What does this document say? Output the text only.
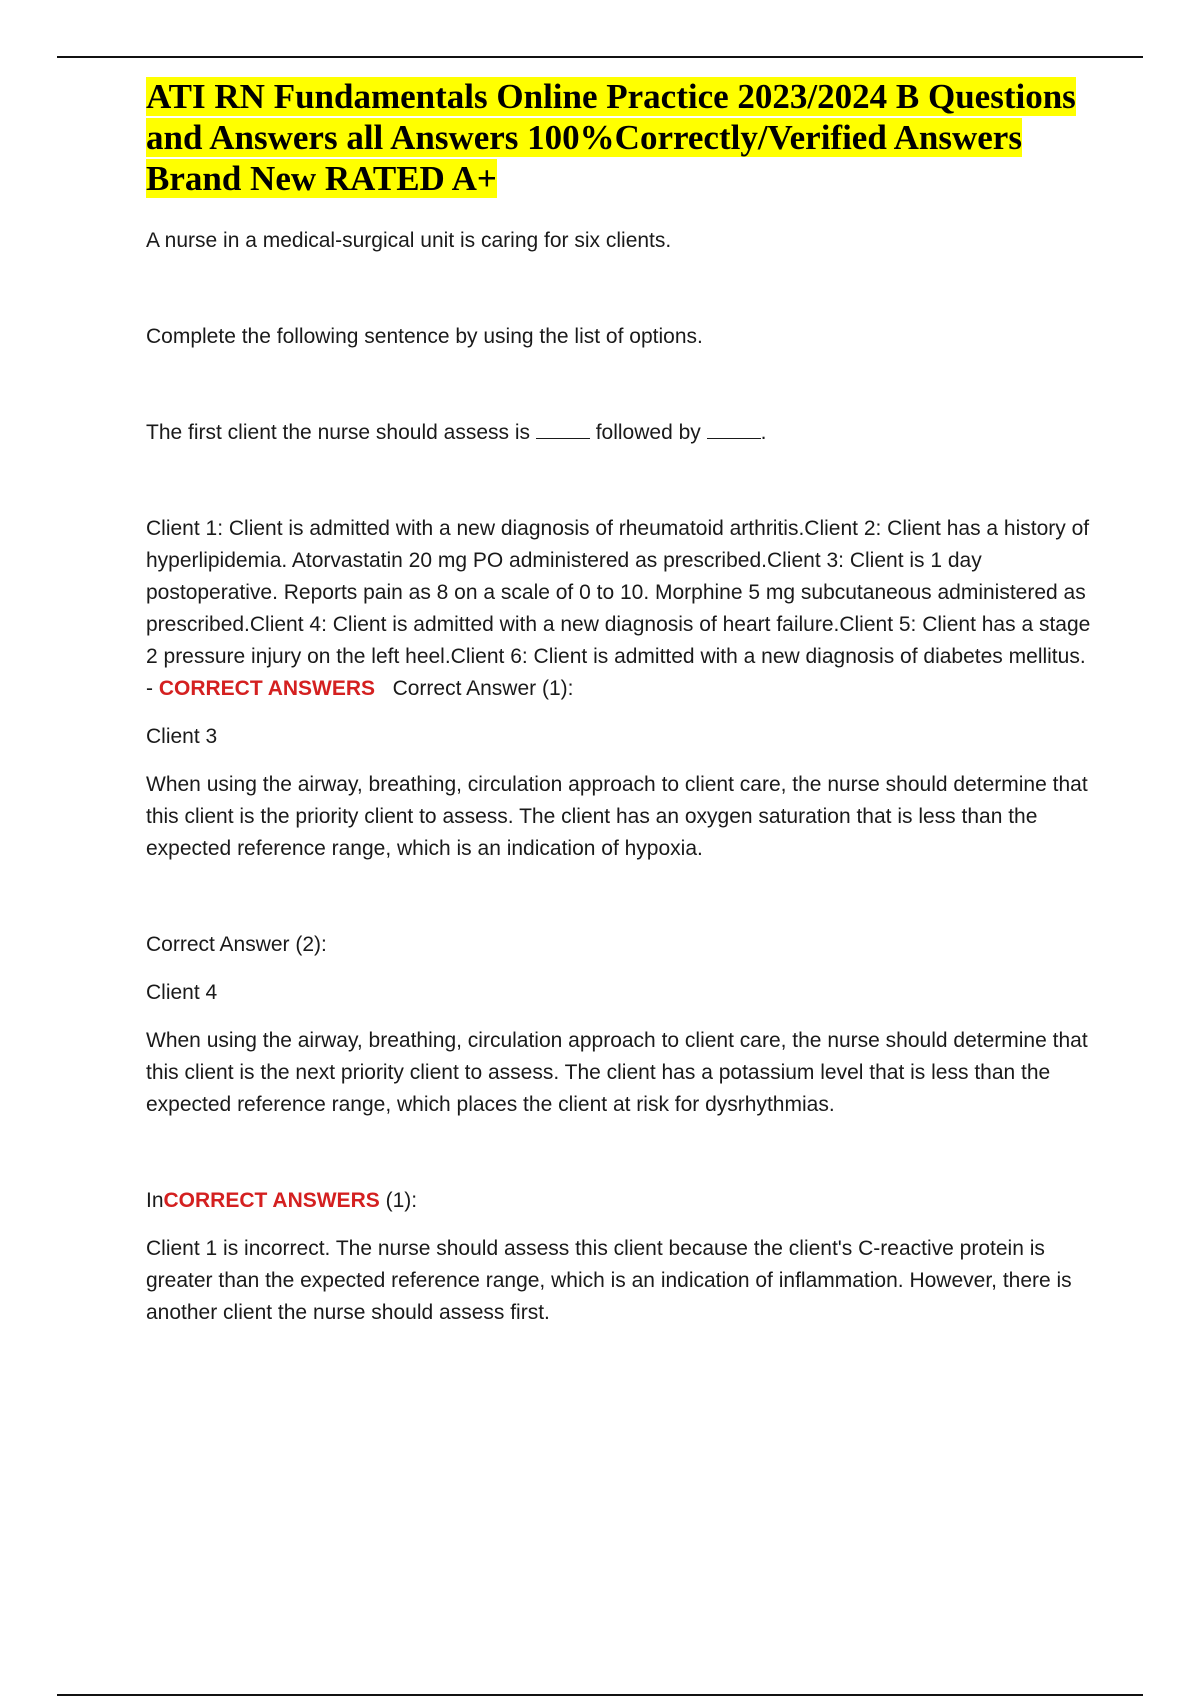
ATI RN Fundamentals Online Practice 2023/2024 B Questions and Answers all Answers 100%Correctly/Verified Answers Brand New RATED A+

A nurse in a medical-surgical unit is caring for six clients.

Complete the following sentence by using the list of options.

The first client the nurse should assess is	followed by	.

Client 1: Client is admitted with a new diagnosis of rheumatoid arthritis.Client 2: Client has a history of hyperlipidemia. Atorvastatin 20 mg PO administered as prescribed.Client 3: Client is 1 day postoperative. Reports pain as 8 on a scale of 0 to 10. Morphine 5 mg subcutaneous administered as prescribed.Client 4: Client is admitted with a new diagnosis of heart failure.Client 5: Client has a stage 2 pressure injury on the left heel.Client 6: Client is admitted with a new diagnosis of diabetes mellitus. - CORRECT ANSWERS Correct Answer (1):

Client 3

When using the airway, breathing, circulation approach to client care, the nurse should determine that this client is the priority client to assess. The client has an oxygen saturation that is less than the expected reference range, which is an indication of hypoxia.

Correct Answer (2):

Client 4

When using the airway, breathing, circulation approach to client care, the nurse should determine that this client is the next priority client to assess. The client has a potassium level that is less than the expected reference range, which places the client at risk for dysrhythmias.

InCORRECT ANSWERS (1):

Client 1 is incorrect. The nurse should assess this client because the client's C-reactive protein is greater than the expected reference range, which is an indication of inflammation. However, there is another client the nurse should assess first.
